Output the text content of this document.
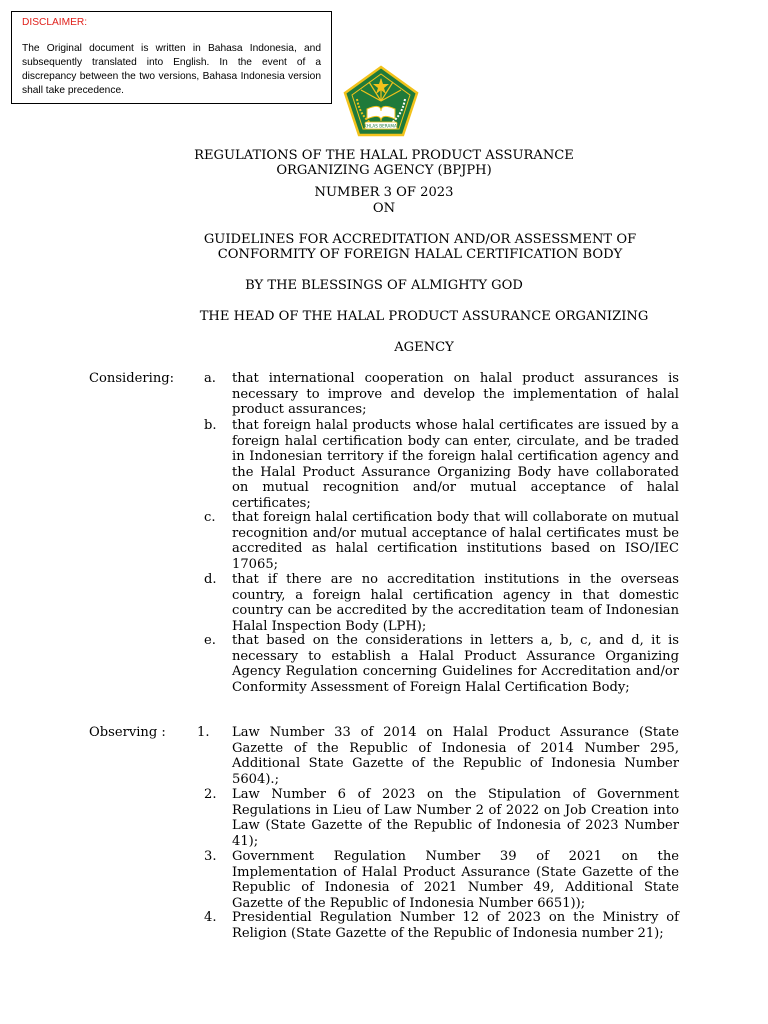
DISCLAIMER:
The Original document is written in Bahasa Indonesia, and subsequently translated into English. In the event of a discrepancy between the two versions, Bahasa Indonesia version shall take precedence.
IKHLAS BERAMAL
REGULATIONS OF THE HALAL PRODUCT ASSURANCE
ORGANIZING AGENCY (BPJPH)
NUMBER 3 OF 2023
ON
GUIDELINES FOR ACCREDITATION AND/OR ASSESSMENT OF
CONFORMITY OF FOREIGN HALAL CERTIFICATION BODY
BY THE BLESSINGS OF ALMIGHTY GOD
THE HEAD OF THE HALAL PRODUCT ASSURANCE ORGANIZING
AGENCY
Considering: a. that international cooperation on halal product assurances is necessary to improve and develop the implementation of halal product assurances;
b. that foreign halal products whose halal certificates are issued by a foreign halal certification body can enter, circulate, and be traded in Indonesian territory if the foreign halal certification agency and the Halal Product Assurance Organizing Body have collaborated on mutual recognition and/or mutual acceptance of halal certificates;
c. that foreign halal certification body that will collaborate on mutual recognition and/or mutual acceptance of halal certificates must be accredited as halal certification institutions based on ISO/IEC 17065;
d. that if there are no accreditation institutions in the overseas country, a foreign halal certification agency in that domestic country can be accredited by the accreditation team of Indonesian Halal Inspection Body (LPH);
e. that based on the considerations in letters a, b, c, and d, it is necessary to establish a Halal Product Assurance Organizing Agency Regulation concerning Guidelines for Accreditation and/or Conformity Assessment of Foreign Halal Certification Body;
Observing : 1. Law Number 33 of 2014 on Halal Product Assurance (State Gazette of the Republic of Indonesia of 2014 Number 295, Additional State Gazette of the Republic of Indonesia Number 5604).;
2. Law Number 6 of 2023 on the Stipulation of Government Regulations in Lieu of Law Number 2 of 2022 on Job Creation into Law (State Gazette of the Republic of Indonesia of 2023 Number 41);
3. Government Regulation Number 39 of 2021 on the Implementation of Halal Product Assurance (State Gazette of the Republic of Indonesia of 2021 Number 49, Additional State Gazette of the Republic of Indonesia Number 6651));
4. Presidential Regulation Number 12 of 2023 on the Ministry of Religion (State Gazette of the Republic of Indonesia number 21);
